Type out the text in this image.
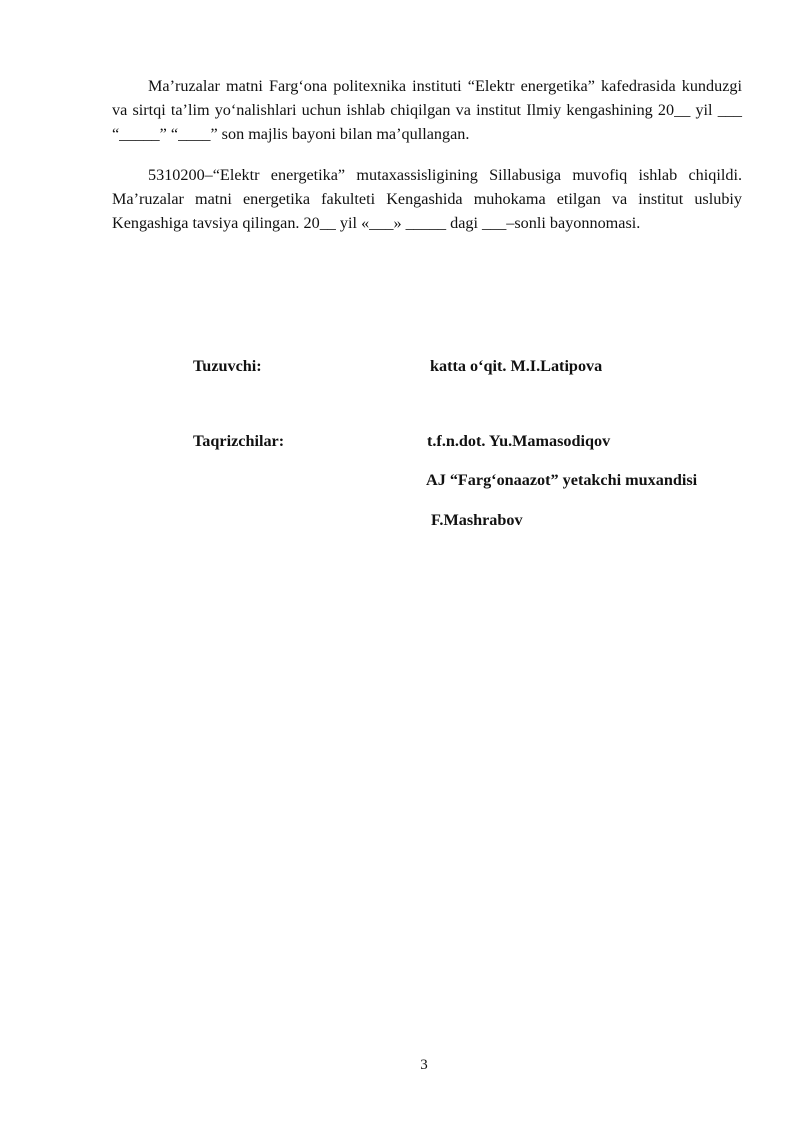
Ma’ruzalar matni Farg‘ona politexnika instituti “Elektr energetika” kafedrasida kunduzgi va sirtqi ta’lim yo‘nalishlari uchun ishlab chiqilgan va institut Ilmiy kengashining 20__ yil ___ “_____” “____” son majlis bayoni bilan ma’qullangan.

5310200–“Elektr energetika” mutaxassisligining Sillabusiga muvofiq ishlab chiqildi. Ma’ruzalar matni energetika fakulteti Kengashida muhokama etilgan va institut uslubiy Kengashiga tavsiya qilingan. 20__ yil «___» _____ dagi ___–sonli bayonnomasi.

Tuzuvchi:	katta o‘qit. M.I.Latipova

Taqrizchilar:	t.f.n.dot. Yu.Mamasodiqov

AJ “Farg‘onaazot” yetakchi muxandisi

F.Mashrabov

3
